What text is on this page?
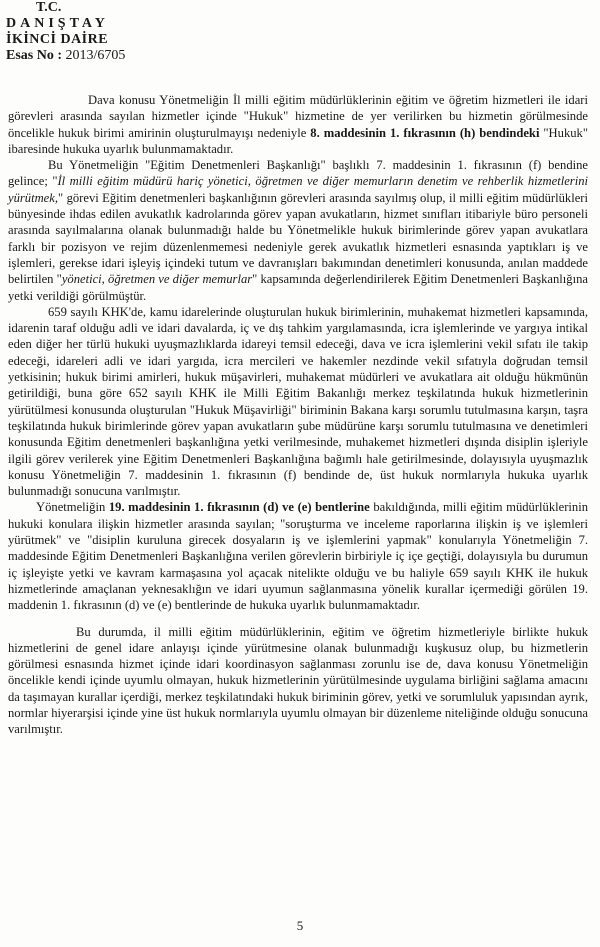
T.C.
DANIŞTAY
İKİNCİ DAİRE
Esas No : 2013/6705

Dava konusu Yönetmeliğin İl milli eğitim müdürlüklerinin eğitim ve öğretim hizmetleri ile idari görevleri arasında sayılan hizmetler içinde "Hukuk" hizmetine de yer verilirken bu hizmetin görülmesinde öncelikle hukuk birimi amirinin oluşturulmayışı nedeniyle 8. maddesinin 1. fıkrasının (h) bendindeki "Hukuk" ibaresinde hukuka uyarlık bulunmamaktadır.

Bu Yönetmeliğin "Eğitim Denetmenleri Başkanlığı" başlıklı 7. maddesinin 1. fıkrasının (f) bendine gelince; "İl milli eğitim müdürü hariç yönetici, öğretmen ve diğer memurların denetim ve rehberlik hizmetlerini yürütmek," görevi Eğitim denetmenleri başkanlığının görevleri arasında sayılmış olup, il milli eğitim müdürlükleri bünyesinde ihdas edilen avukatlık kadrolarında görev yapan avukatların, hizmet sınıfları itibariyle büro personeli arasında sayılmalarına olanak bulunmadığı halde bu Yönetmelikle hukuk birimlerinde görev yapan avukatlara farklı bir pozisyon ve rejim düzenlenmemesi nedeniyle gerek avukatlık hizmetleri esnasında yaptıkları iş ve işlemleri, gerekse idari işleyiş içindeki tutum ve davranışları bakımından denetimleri konusunda, anılan maddede belirtilen "yönetici, öğretmen ve diğer memurlar" kapsamında değerlendirilerek Eğitim Denetmenleri Başkanlığına yetki verildiği görülmüştür.

659 sayılı KHK'de, kamu idarelerinde oluşturulan hukuk birimlerinin, muhakemat hizmetleri kapsamında, idarenin taraf olduğu adli ve idari davalarda, iç ve dış tahkim yargılamasında, icra işlemlerinde ve yargıya intikal eden diğer her türlü hukuki uyuşmazlıklarda idareyi temsil edeceği, dava ve icra işlemlerini vekil sıfatı ile takip edeceği, idareleri adli ve idari yargıda, icra mercileri ve hakemler nezdinde vekil sıfatıyla doğrudan temsil yetkisinin; hukuk birimi amirleri, hukuk müşavirleri, muhakemat müdürleri ve avukatlara ait olduğu hükmünün getirildiği, buna göre 652 sayılı KHK ile Milli Eğitim Bakanlığı merkez teşkilatında hukuk hizmetlerinin yürütülmesi konusunda oluşturulan "Hukuk Müşavirliği" biriminin Bakana karşı sorumlu tutulmasına karşın, taşra teşkilatında hukuk birimlerinde görev yapan avukatların şube müdürüne karşı sorumlu tutulmasına ve denetimleri konusunda Eğitim denetmenleri başkanlığına yetki verilmesinde, muhakemet hizmetleri dışında disiplin işleriyle ilgili görev verilerek yine Eğitim Denetmenleri Başkanlığına bağımlı hale getirilmesinde, dolayısıyla uyuşmazlık konusu Yönetmeliğin 7. maddesinin 1. fıkrasının (f) bendinde de, üst hukuk normlarıyla hukuka uyarlık bulunmadığı sonucuna varılmıştır.

Yönetmeliğin 19. maddesinin 1. fıkrasının (d) ve (e) bentlerine bakıldığında, milli eğitim müdürlüklerinin hukuki konulara ilişkin hizmetler arasında sayılan; "soruşturma ve inceleme raporlarına ilişkin iş ve işlemleri yürütmek" ve "disiplin kuruluna girecek dosyaların iş ve işlemlerini yapmak" konularıyla Yönetmeliğin 7. maddesinde Eğitim Denetmenleri Başkanlığına verilen görevlerin birbiriyle iç içe geçtiği, dolayısıyla bu durumun iç işleyişte yetki ve kavram karmaşasına yol açacak nitelikte olduğu ve bu haliyle 659 sayılı KHK ile hukuk hizmetlerinde amaçlanan yeknesaklığın ve idari uyumun sağlanmasına yönelik kurallar içermediği görülen 19. maddenin 1. fıkrasının (d) ve (e) bentlerinde de hukuka uyarlık bulunmamaktadır.

Bu durumda, il milli eğitim müdürlüklerinin, eğitim ve öğretim hizmetleriyle birlikte hukuk hizmetlerini de genel idare anlayışı içinde yürütmesine olanak bulunmadığı kuşkusuz olup, bu hizmetlerin görülmesi esnasında hizmet içinde idari koordinasyon sağlanması zorunlu ise de, dava konusu Yönetmeliğin öncelikle kendi içinde uyumlu olmayan, hukuk hizmetlerinin yürütülmesinde uygulama birliğini sağlama amacını da taşımayan kurallar içerdiği, merkez teşkilatındaki hukuk biriminin görev, yetki ve sorumluluk yapısından ayrık, normlar hiyerarşisi içinde yine üst hukuk normlarıyla uyumlu olmayan bir düzenleme niteliğinde olduğu sonucuna varılmıştır.

5
